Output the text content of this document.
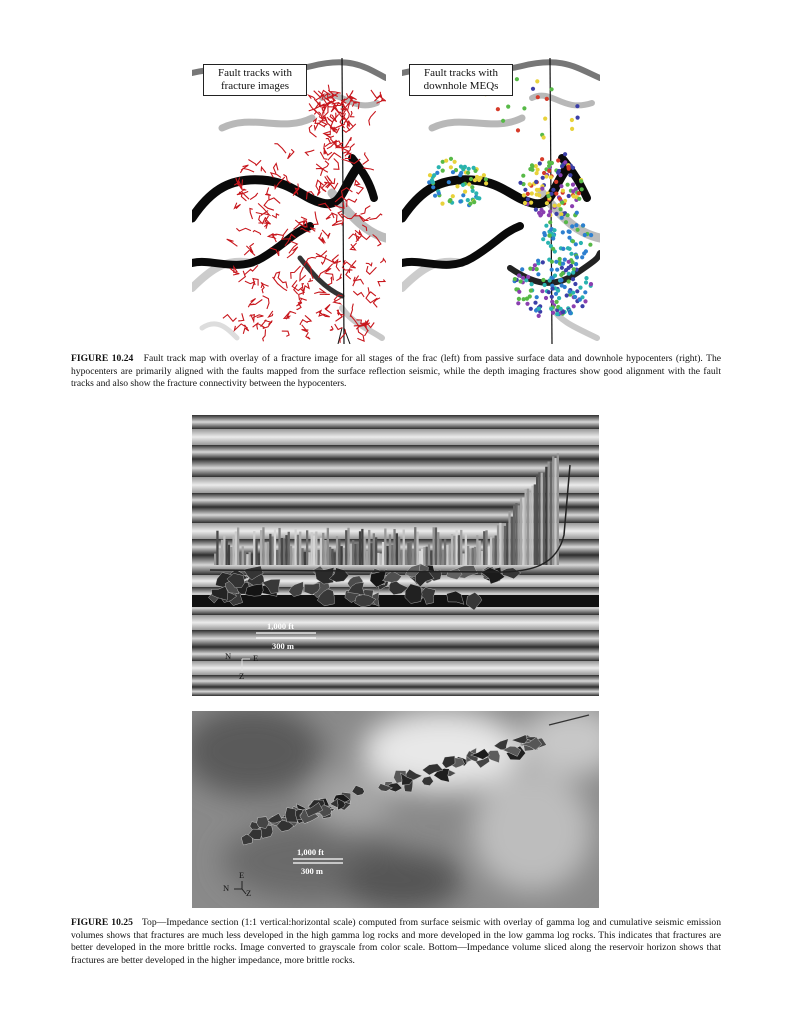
Fault tracks with
fracture images
Fault tracks with
downhole MEQs
FIGURE 10.24 Fault track map with overlay of a fracture image for all stages of the frac (left) from passive surface data and downhole hypocenters (right). The hypocenters are primarily aligned with the faults mapped from the surface reflection seismic, while the depth imaging fractures show good alignment with the fault tracks and also show the fracture connectivity between the hypocenters.
1,000 ft
300 m
N	E
Z
1,000 ft
300 m
E
N Z
FIGURE 10.25 Top—Impedance section (1:1 vertical:horizontal scale) computed from surface seismic with overlay of gamma log and cumulative seismic emission volumes shows that fractures are much less developed in the high gamma log rocks and more developed in the low gamma log rocks. This indicates that fractures are better developed in the more brittle rocks. Image converted to grayscale from color scale. Bottom—Impedance volume sliced along the reservoir horizon shows that fractures are better developed in the higher impedance, more brittle rocks.
